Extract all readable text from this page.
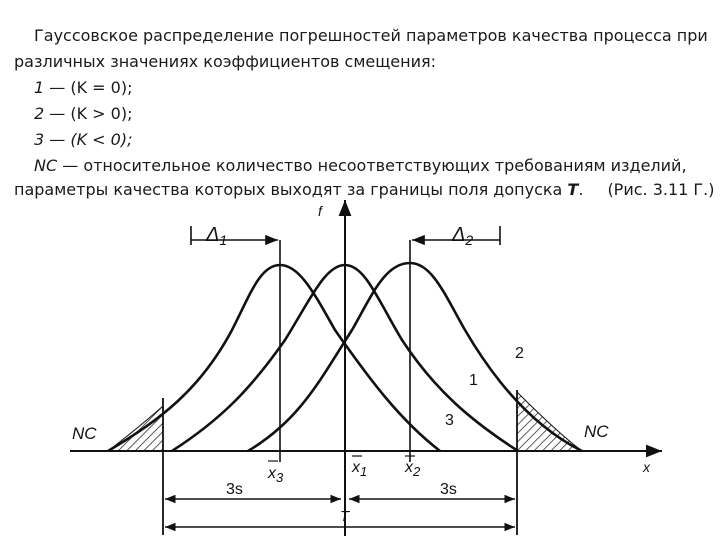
Гауссовское распределение погрешностей параметров качества процесса при
различных значениях коэффициентов смещения:
1 — (K = 0);
2 — (K > 0);
3 — (K < 0);
NC — относительное количество несоответствующих требованиям изделий,
параметры качества которых выходят за границы поля допуска T. (Рис. 3.11 Г.)
f
x
$\Delta_1$	$\Delta_2$
2
1
3
NC	NC
$x_3$
$x_1$ $x_2$
3s	3s
T
